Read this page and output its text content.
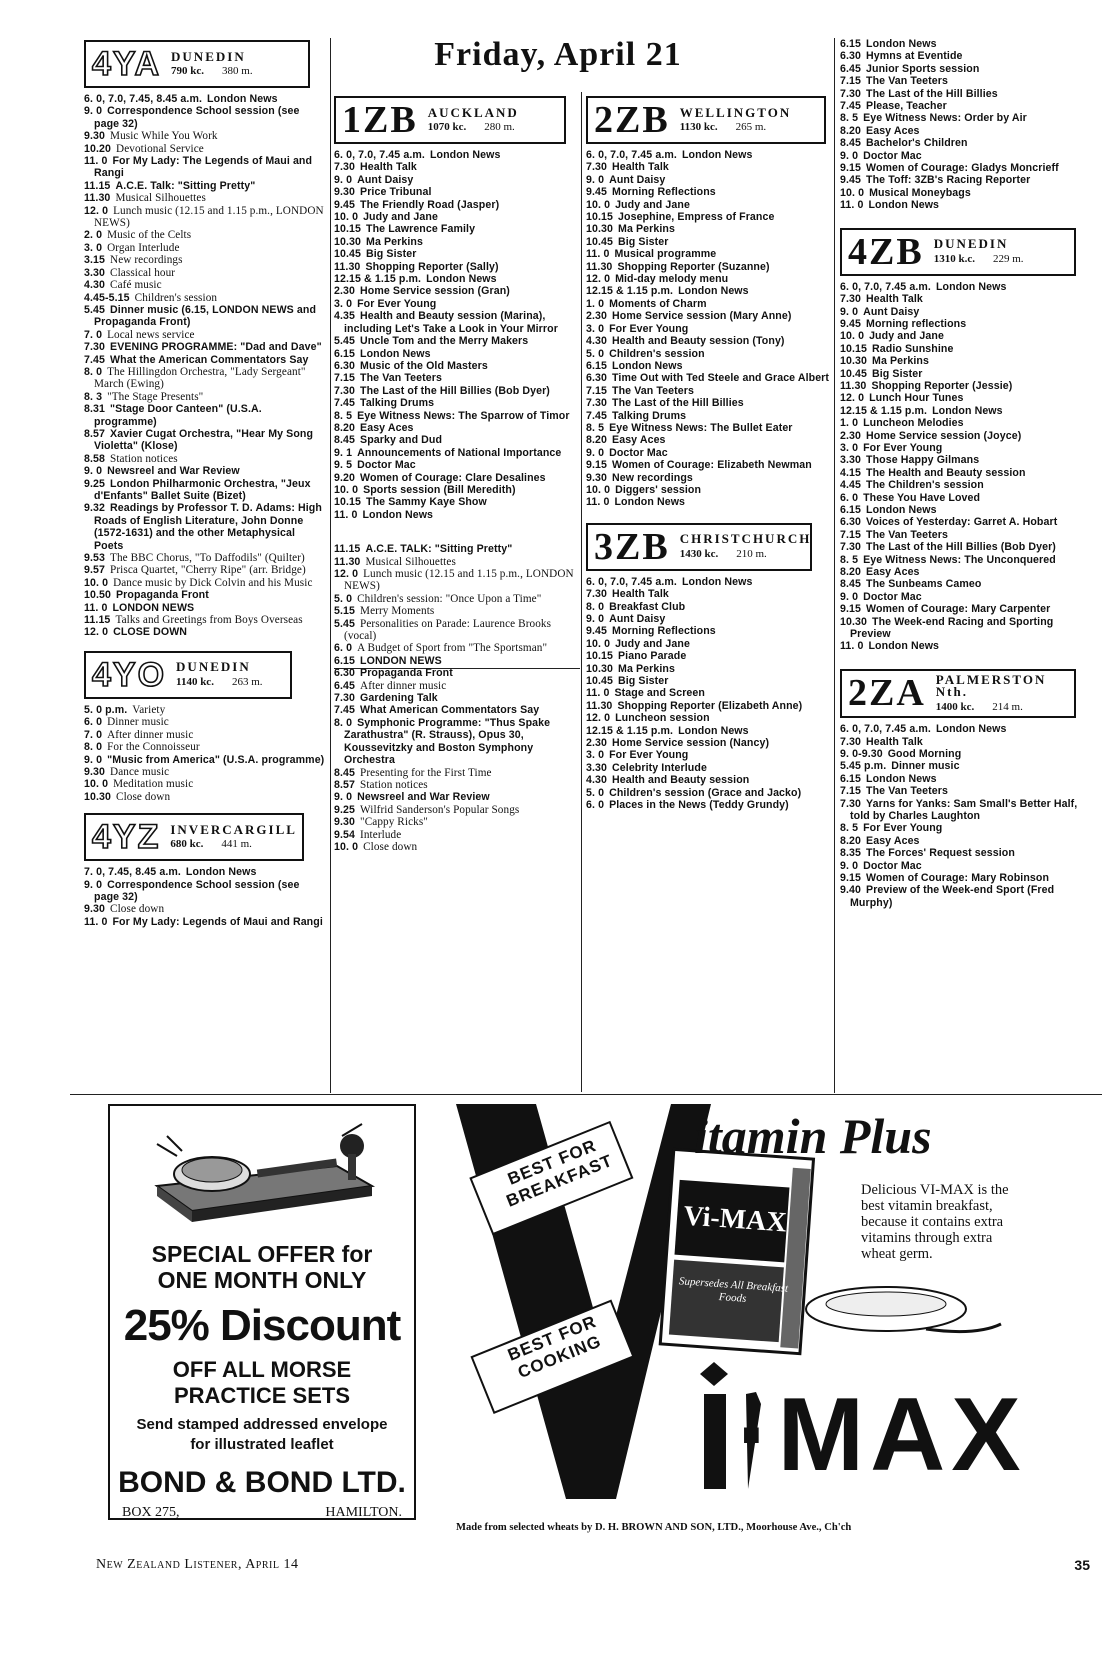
Friday, April 21
4YA DUNEDIN
790 kc. 380 m.

6. 0, 7.0, 7.45, 8.45 a.m. London News

9. 0 Correspondence School session (see page 32)

9.30 Music While You Work

10.20 Devotional Service

11. 0 For My Lady: The Legends of Maui and Rangi

11.15 A.C.E. Talk: "Sitting Pretty"

11.30 Musical Silhouettes

12. 0 Lunch music (12.15 and 1.15 p.m., LONDON NEWS)

2. 0 Music of the Celts

3. 0 Organ Interlude

3.15 New recordings

3.30 Classical hour

4.30 Café music

4.45-5.15 Children's session

5.45 Dinner music (6.15, LONDON NEWS and Propaganda Front)

7. 0 Local news service

7.30 EVENING PROGRAMME: "Dad and Dave"

7.45 What the American Commentators Say

8. 0 The Hillingdon Orchestra, "Lady Sergeant" March (Ewing)

8. 3 "The Stage Presents"

8.31 "Stage Door Canteen" (U.S.A. programme)

8.57 Xavier Cugat Orchestra, "Hear My Song Violetta" (Klose)

8.58 Station notices

9. 0 Newsreel and War Review

9.25 London Philharmonic Orchestra, "Jeux d'Enfants" Ballet Suite (Bizet)

9.32 Readings by Professor T. D. Adams: High Roads of English Literature, John Donne (1572-1631) and the other Metaphysical Poets

9.53 The BBC Chorus, "To Daffodils" (Quilter)

9.57 Prisca Quartet, "Cherry Ripe" (arr. Bridge)

10. 0 Dance music by Dick Colvin and his Music

10.50 Propaganda Front

11. 0 LONDON NEWS

11.15 Talks and Greetings from Boys Overseas

12. 0 CLOSE DOWN

4YO DUNEDIN
1140 kc. 263 m.

5. 0 p.m. Variety

6. 0 Dinner music

7. 0 After dinner music

8. 0 For the Connoisseur

9. 0 "Music from America" (U.S.A. programme)

9.30 Dance music

10. 0 Meditation music

10.30 Close down

4YZ INVERCARGILL
680 kc. 441 m.

7. 0, 7.45, 8.45 a.m. London News

9. 0 Correspondence School session (see page 32)

9.30 Close down

11. 0 For My Lady: Legends of Maui and Rangi

1ZB AUCKLAND
1070 kc. 280 m.

6. 0, 7.0, 7.45 a.m. London News

7.30 Health Talk

9. 0 Aunt Daisy

9.30 Price Tribunal

9.45 The Friendly Road (Jasper)

10. 0 Judy and Jane

10.15 The Lawrence Family

10.30 Ma Perkins

10.45 Big Sister

11.30 Shopping Reporter (Sally)

12.15 & 1.15 p.m. London News

2.30 Home Service session (Gran)

3. 0 For Ever Young

4.35 Health and Beauty session (Marina), including Let's Take a Look in Your Mirror

5.45 Uncle Tom and the Merry Makers

6.15 London News

6.30 Music of the Old Masters

7.15 The Van Teeters

7.30 The Last of the Hill Billies (Bob Dyer)

7.45 Talking Drums

8. 5 Eye Witness News: The Sparrow of Timor

8.20 Easy Aces

8.45 Sparky and Dud

9. 1 Announcements of National Importance

9. 5 Doctor Mac

9.20 Women of Courage: Clare Desalines

10. 0 Sports session (Bill Meredith)

10.15 The Sammy Kaye Show

11. 0 London News

11.15 A.C.E. TALK: "Sitting Pretty"

11.30 Musical Silhouettes

12. 0 Lunch music (12.15 and 1.15 p.m., LONDON NEWS)

5. 0 Children's session: "Once Upon a Time"

5.15 Merry Moments

5.45 Personalities on Parade: Laurence Brooks (vocal)

6. 0 A Budget of Sport from "The Sportsman"

6.15 LONDON NEWS

6.30 Propaganda Front

6.45 After dinner music

7.30 Gardening Talk

7.45 What American Commentators Say

8. 0 Symphonic Programme: "Thus Spake Zarathustra" (R. Strauss), Opus 30, Koussevitzky and Boston Symphony Orchestra

8.45 Presenting for the First Time

8.57 Station notices

9. 0 Newsreel and War Review

9.25 Wilfrid Sanderson's Popular Songs

9.30 "Cappy Ricks"

9.54 Interlude

10. 0 Close down

2ZB WELLINGTON
1130 kc. 265 m.

6. 0, 7.0, 7.45 a.m. London News

7.30 Health Talk

9. 0 Aunt Daisy

9.45 Morning Reflections

10. 0 Judy and Jane

10.15 Josephine, Empress of France

10.30 Ma Perkins

10.45 Big Sister

11. 0 Musical programme

11.30 Shopping Reporter (Suzanne)

12. 0 Mid-day melody menu

12.15 & 1.15 p.m. London News

1. 0 Moments of Charm

2.30 Home Service session (Mary Anne)

3. 0 For Ever Young

4.30 Health and Beauty session (Tony)

5. 0 Children's session

6.15 London News

6.30 Time Out with Ted Steele and Grace Albert

7.15 The Van Teeters

7.30 The Last of the Hill Billies

7.45 Talking Drums

8. 5 Eye Witness News: The Bullet Eater

8.20 Easy Aces

9. 0 Doctor Mac

9.15 Women of Courage: Elizabeth Newman

9.30 New recordings

10. 0 Diggers' session

11. 0 London News

3ZB CHRISTCHURCH
1430 kc. 210 m.

6. 0, 7.0, 7.45 a.m. London News

7.30 Health Talk

8. 0 Breakfast Club

9. 0 Aunt Daisy

9.45 Morning Reflections

10. 0 Judy and Jane

10.15 Piano Parade

10.30 Ma Perkins

10.45 Big Sister

11. 0 Stage and Screen

11.30 Shopping Reporter (Elizabeth Anne)

12. 0 Luncheon session

12.15 & 1.15 p.m. London News

2.30 Home Service session (Nancy)

3. 0 For Ever Young

3.30 Celebrity Interlude

4.30 Health and Beauty session

5. 0 Children's session (Grace and Jacko)

6. 0 Places in the News (Teddy Grundy)

6.15 London News

6.30 Hymns at Eventide

6.45 Junior Sports session

7.15 The Van Teeters

7.30 The Last of the Hill Billies

7.45 Please, Teacher

8. 5 Eye Witness News: Order by Air

8.20 Easy Aces

8.45 Bachelor's Children

9. 0 Doctor Mac

9.15 Women of Courage: Gladys Moncrieff

9.45 The Toff: 3ZB's Racing Reporter

10. 0 Musical Moneybags

11. 0 London News

4ZB DUNEDIN
1310 k.c. 229 m.

6. 0, 7.0, 7.45 a.m. London News

7.30 Health Talk

9. 0 Aunt Daisy

9.45 Morning reflections

10. 0 Judy and Jane

10.15 Radio Sunshine

10.30 Ma Perkins

10.45 Big Sister

11.30 Shopping Reporter (Jessie)

12. 0 Lunch Hour Tunes

12.15 & 1.15 p.m. London News

1. 0 Luncheon Melodies

2.30 Home Service session (Joyce)

3. 0 For Ever Young

3.30 Those Happy Gilmans

4.15 The Health and Beauty session

4.45 The Children's session

6. 0 These You Have Loved

6.15 London News

6.30 Voices of Yesterday: Garret A. Hobart

7.15 The Van Teeters

7.30 The Last of the Hill Billies (Bob Dyer)

8. 5 Eye Witness News: The Unconquered

8.20 Easy Aces

8.45 The Sunbeams Cameo

9. 0 Doctor Mac

9.15 Women of Courage: Mary Carpenter

10.30 The Week-end Racing and Sporting Preview

11. 0 London News

2ZA PALMERSTON Nth.
1400 kc. 214 m.

6. 0, 7.0, 7.45 a.m. London News

7.30 Health Talk

9. 0-9.30 Good Morning

5.45 p.m. Dinner music

6.15 London News

7.15 The Van Teeters

7.30 Yarns for Yanks: Sam Small's Better Half, told by Charles Laughton

8. 5 For Ever Young

8.20 Easy Aces

8.35 The Forces' Request session

9. 0 Doctor Mac

9.15 Women of Courage: Mary Robinson

9.40 Preview of the Week-end Sport (Fred Murphy)

SPECIAL OFFER for
ONE MONTH ONLY
25% Discount
OFF ALL MORSE
PRACTICE SETS
Send stamped addressed envelope
for illustrated leaflet
BOND & BOND LTD.
BOX 275,	HAMILTON.
itamin Plus
BEST FOR BREAKFAST
BEST FOR COOKING
Vi-MAX
Supersedes All Breakfast Foods
Delicious VI-MAX is the best vitamin breakfast, because it contains extra vitamins through extra wheat germ.
i·MAX
Made from selected wheats by D. H. BROWN AND SON, LTD., Moorhouse Ave., Ch'ch
New Zealand Listener, April 14	35
